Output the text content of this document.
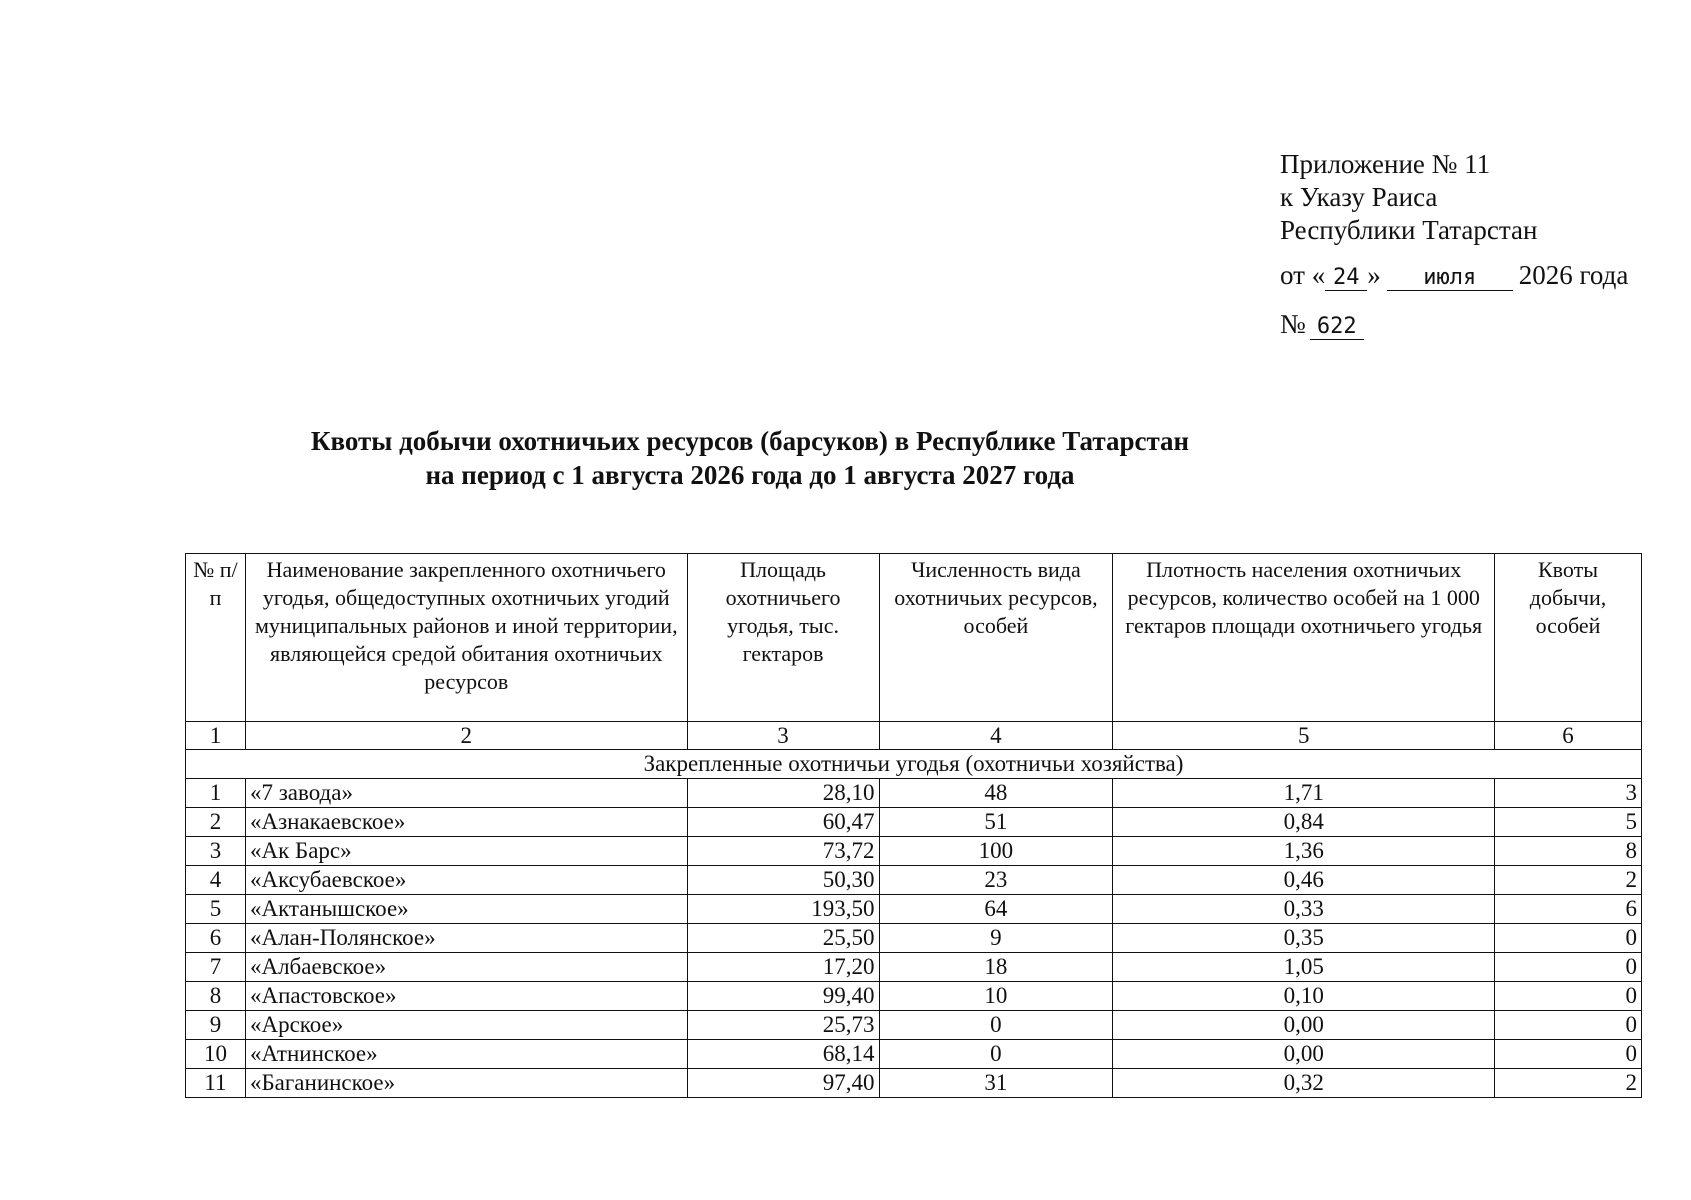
Приложение № 11
к Указу Раиса
Республики Татарстан
от « 24 » июля 2026 года
№ 622
Квоты добычи охотничьих ресурсов (барсуков) в Республике Татарстан
на период с 1 августа 2026 года до 1 августа 2027 года
№ п/п	Наименование закрепленного охотничьего угодья, общедоступных охотничьих угодий муниципальных районов и иной территории, являющейся средой обитания охотничьих ресурсов	Площадь охотничьего угодья, тыс. гектаров	Численность вида охотничьих ресурсов, особей	Плотность населения охотничьих ресурсов, количество особей на 1 000 гектаров площади охотничьего угодья	Квоты добычи, особей
1	2	3	4	5	6
Закрепленные охотничьи угодья (охотничьи хозяйства)					
1	«7 завода»	28,10	48	1,71	3
2	«Азнакаевское»	60,47	51	0,84	5
3	«Ак Барс»	73,72	100	1,36	8
4	«Аксубаевское»	50,30	23	0,46	2
5	«Актанышское»	193,50	64	0,33	6
6	«Алан-Полянское»	25,50	9	0,35	0
7	«Албаевское»	17,20	18	1,05	0
8	«Апастовское»	99,40	10	0,10	0
9	«Арское»	25,73	0	0,00	0
10	«Атнинское»	68,14	0	0,00	0
11	«Баганинское»	97,40	31	0,32	2
